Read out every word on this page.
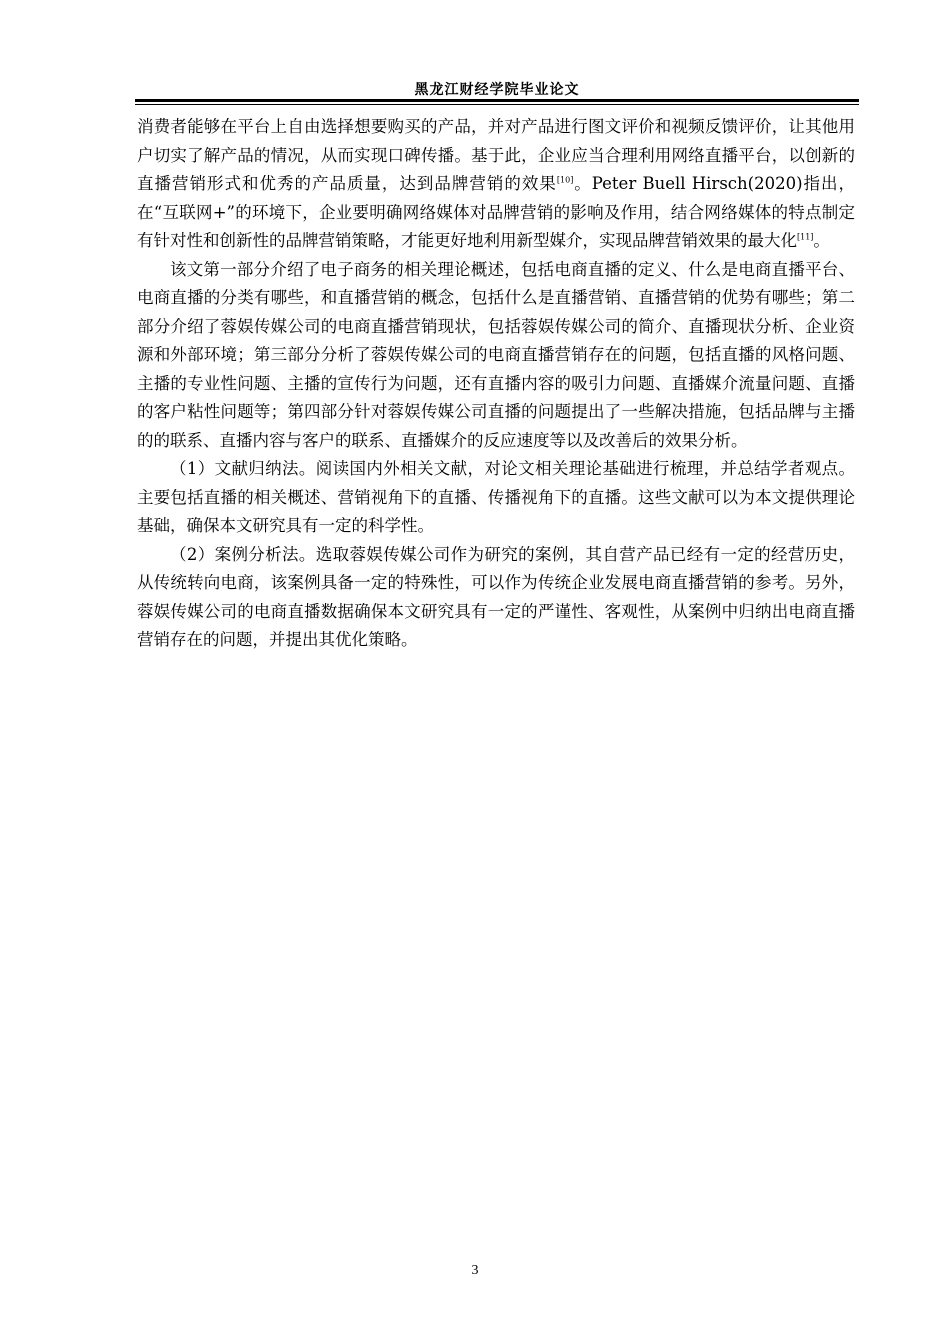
黑龙江财经学院毕业论文

消费者能够在平台上自由选择想要购买的产品，并对产品进行图文评价和视频反馈评价，让其他用户切实了解产品的情况，从而实现口碑传播。基于此，企业应当合理利用网络直播平台，以创新的直播营销形式和优秀的产品质量，达到品牌营销的效果[10]。Peter Buell Hirsch(2020)指出，在“互联网+”的环境下，企业要明确网络媒体对品牌营销的影响及作用，结合网络媒体的特点制定有针对性和创新性的品牌营销策略，才能更好地利用新型媒介，实现品牌营销效果的最大化[11]。

该文第一部分介绍了电子商务的相关理论概述，包括电商直播的定义、什么是电商直播平台、电商直播的分类有哪些，和直播营销的概念，包括什么是直播营销、直播营销的优势有哪些；第二部分介绍了蓉娱传媒公司的电商直播营销现状，包括蓉娱传媒公司的简介、直播现状分析、企业资源和外部环境；第三部分分析了蓉娱传媒公司的电商直播营销存在的问题，包括直播的风格问题、主播的专业性问题、主播的宣传行为问题，还有直播内容的吸引力问题、直播媒介流量问题、直播的客户粘性问题等；第四部分针对蓉娱传媒公司直播的问题提出了一些解决措施，包括品牌与主播的的联系、直播内容与客户的联系、直播媒介的反应速度等以及改善后的效果分析。

（1）文献归纳法。阅读国内外相关文献，对论文相关理论基础进行梳理，并总结学者观点。主要包括直播的相关概述、营销视角下的直播、传播视角下的直播。这些文献可以为本文提供理论基础，确保本文研究具有一定的科学性。

（2）案例分析法。选取蓉娱传媒公司作为研究的案例，其自营产品已经有一定的经营历史，从传统转向电商，该案例具备一定的特殊性，可以作为传统企业发展电商直播营销的参考。另外，蓉娱传媒公司的电商直播数据确保本文研究具有一定的严谨性、客观性，从案例中归纳出电商直播营销存在的问题，并提出其优化策略。

3
